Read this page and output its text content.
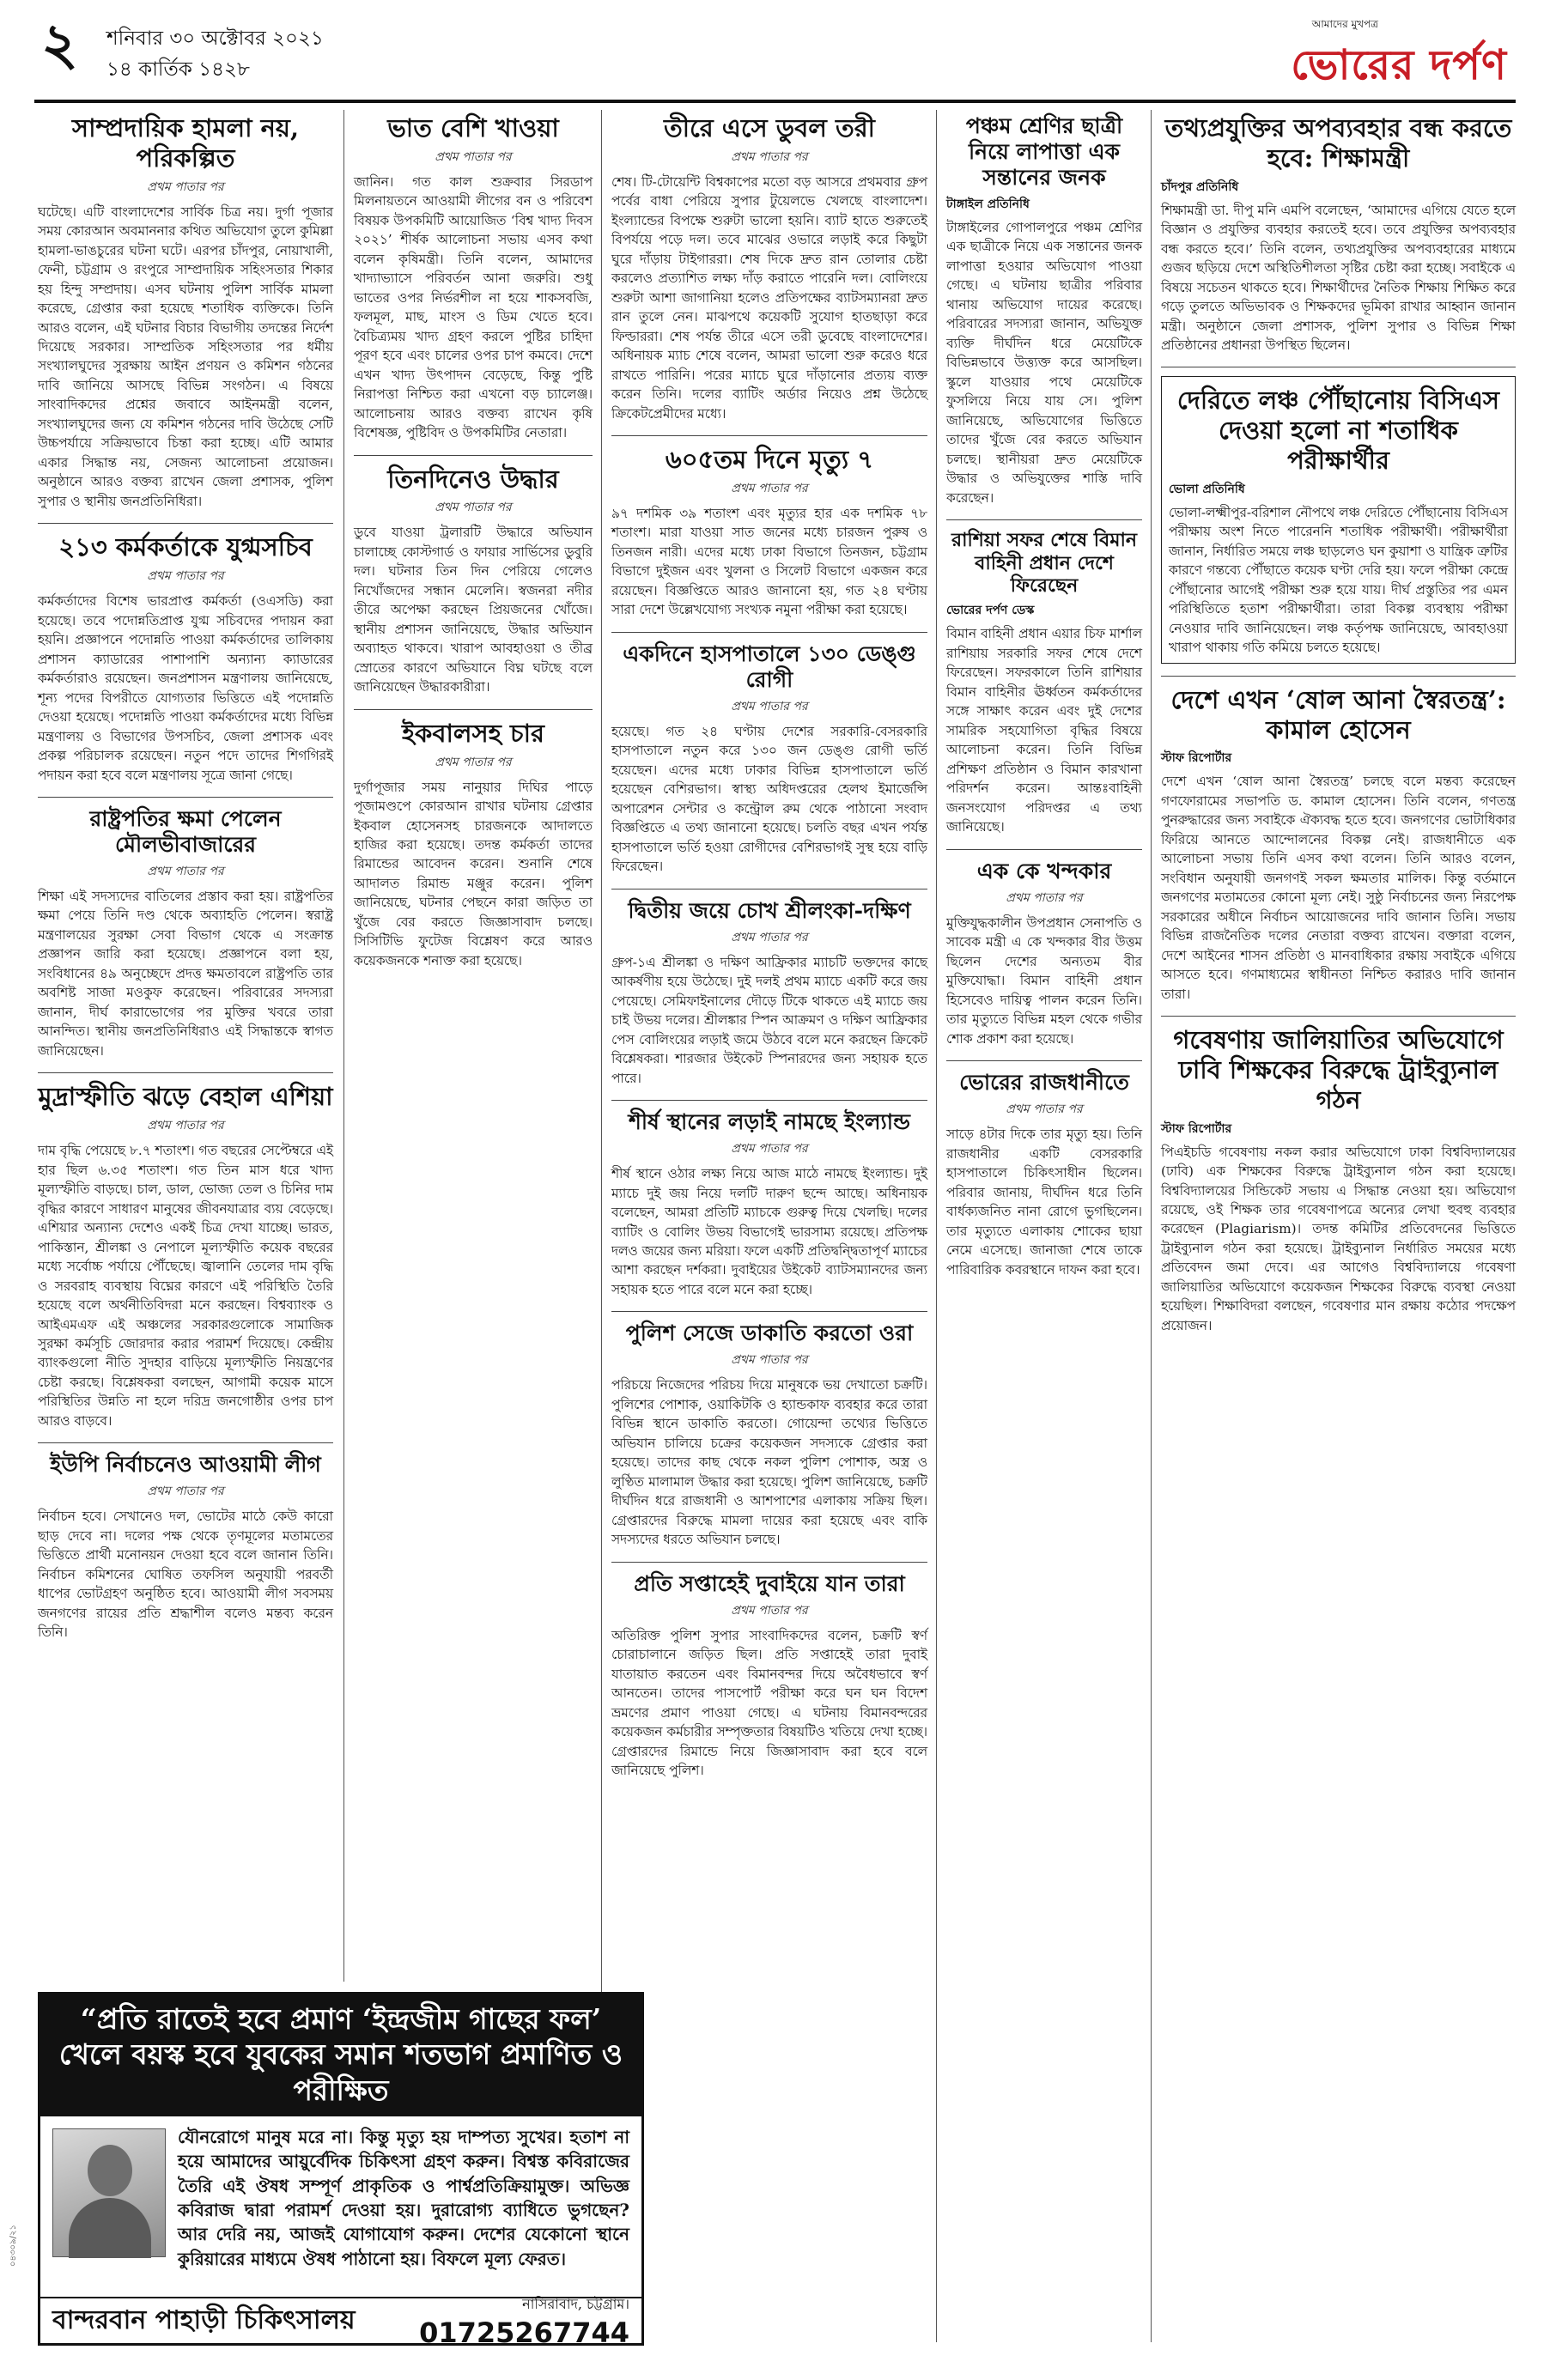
২ শনিবার ৩০ অক্টোবর ২০২১
১৪ কার্তিক ১৪২৮
আমাদের মুখপত্র
ভোরের দর্পণ
সাম্প্রদায়িক হামলা নয়, পরিকল্পিত
প্রথম পাতার পর
ঘটেছে। এটি বাংলাদেশের সার্বিক চিত্র নয়। দুর্গা পূজার সময় কোরআন অবমাননার কথিত অভিযোগ তুলে কুমিল্লা হামলা-ভাঙচুরের ঘটনা ঘটে। এরপর চাঁদপুর, নোয়াখালী, ফেনী, চট্টগ্রাম ও রংপুরে সাম্প্রদায়িক সহিংসতার শিকার হয় হিন্দু সম্প্রদায়। এসব ঘটনায় পুলিশ সার্বিক মামলা করেছে, গ্রেপ্তার করা হয়েছে শতাধিক ব্যক্তিকে। তিনি আরও বলেন, এই ঘটনার বিচার বিভাগীয় তদন্তের নির্দেশ দিয়েছে সরকার। সাম্প্রতিক সহিংসতার পর ধর্মীয় সংখ্যালঘুদের সুরক্ষায় আইন প্রণয়ন ও কমিশন গঠনের দাবি জানিয়ে আসছে বিভিন্ন সংগঠন। এ বিষয়ে সাংবাদিকদের প্রশ্নের জবাবে আইনমন্ত্রী বলেন, সংখ্যালঘুদের জন্য যে কমিশন গঠনের দাবি উঠেছে সেটি উচ্চপর্যায়ে সক্রিয়ভাবে চিন্তা করা হচ্ছে। এটি আমার একার সিদ্ধান্ত নয়, সেজন্য আলোচনা প্রয়োজন। অনুষ্ঠানে আরও বক্তব্য রাখেন জেলা প্রশাসক, পুলিশ সুপার ও স্থানীয় জনপ্রতিনিধিরা।
২১৩ কর্মকর্তাকে যুগ্মসচিব
প্রথম পাতার পর
কর্মকর্তাদের বিশেষ ভারপ্রাপ্ত কর্মকর্তা (ওএসডি) করা হয়েছে। তবে পদোন্নতিপ্রাপ্ত যুগ্ম সচিবদের পদায়ন করা হয়নি। প্রজ্ঞাপনে পদোন্নতি পাওয়া কর্মকর্তাদের তালিকায় প্রশাসন ক্যাডারের পাশাপাশি অন্যান্য ক্যাডারের কর্মকর্তারাও রয়েছেন। জনপ্রশাসন মন্ত্রণালয় জানিয়েছে, শূন্য পদের বিপরীতে যোগ্যতার ভিত্তিতে এই পদোন্নতি দেওয়া হয়েছে। পদোন্নতি পাওয়া কর্মকর্তাদের মধ্যে বিভিন্ন মন্ত্রণালয় ও বিভাগের উপসচিব, জেলা প্রশাসক এবং প্রকল্প পরিচালক রয়েছেন। নতুন পদে তাদের শিগগিরই পদায়ন করা হবে বলে মন্ত্রণালয় সূত্রে জানা গেছে।
রাষ্ট্রপতির ক্ষমা পেলেন মৌলভীবাজারের
প্রথম পাতার পর
শিক্ষা এই সদস্যদের বাতিলের প্রস্তাব করা হয়। রাষ্ট্রপতির ক্ষমা পেয়ে তিনি দণ্ড থেকে অব্যাহতি পেলেন। স্বরাষ্ট্র মন্ত্রণালয়ের সুরক্ষা সেবা বিভাগ থেকে এ সংক্রান্ত প্রজ্ঞাপন জারি করা হয়েছে। প্রজ্ঞাপনে বলা হয়, সংবিধানের ৪৯ অনুচ্ছেদে প্রদত্ত ক্ষমতাবলে রাষ্ট্রপতি তার অবশিষ্ট সাজা মওকুফ করেছেন। পরিবারের সদস্যরা জানান, দীর্ঘ কারাভোগের পর মুক্তির খবরে তারা আনন্দিত। স্থানীয় জনপ্রতিনিধিরাও এই সিদ্ধান্তকে স্বাগত জানিয়েছেন।
মুদ্রাস্ফীতি ঝড়ে বেহাল এশিয়া
প্রথম পাতার পর
দাম বৃদ্ধি পেয়েছে ৮.৭ শতাংশ। গত বছরের সেপ্টেম্বরে এই হার ছিল ৬.৩৫ শতাংশ। গত তিন মাস ধরে খাদ্য মূল্যস্ফীতি বাড়ছে। চাল, ডাল, ভোজ্য তেল ও চিনির দাম বৃদ্ধির কারণে সাধারণ মানুষের জীবনযাত্রার ব্যয় বেড়েছে। এশিয়ার অন্যান্য দেশেও একই চিত্র দেখা যাচ্ছে। ভারত, পাকিস্তান, শ্রীলঙ্কা ও নেপালে মূল্যস্ফীতি কয়েক বছরের মধ্যে সর্বোচ্চ পর্যায়ে পৌঁছেছে। জ্বালানি তেলের দাম বৃদ্ধি ও সরবরাহ ব্যবস্থায় বিঘ্নের কারণে এই পরিস্থিতি তৈরি হয়েছে বলে অর্থনীতিবিদরা মনে করছেন। বিশ্বব্যাংক ও আইএমএফ এই অঞ্চলের সরকারগুলোকে সামাজিক সুরক্ষা কর্মসূচি জোরদার করার পরামর্শ দিয়েছে। কেন্দ্রীয় ব্যাংকগুলো নীতি সুদহার বাড়িয়ে মূল্যস্ফীতি নিয়ন্ত্রণের চেষ্টা করছে। বিশ্লেষকরা বলছেন, আগামী কয়েক মাসে পরিস্থিতির উন্নতি না হলে দরিদ্র জনগোষ্ঠীর ওপর চাপ আরও বাড়বে।
ইউপি নির্বাচনেও আওয়ামী লীগ
প্রথম পাতার পর
নির্বাচন হবে। সেখানেও দল, ভোটের মাঠে কেউ কারো ছাড় দেবে না। দলের পক্ষ থেকে তৃণমূলের মতামতের ভিত্তিতে প্রার্থী মনোনয়ন দেওয়া হবে বলে জানান তিনি। নির্বাচন কমিশনের ঘোষিত তফসিল অনুযায়ী পরবর্তী ধাপের ভোটগ্রহণ অনুষ্ঠিত হবে। আওয়ামী লীগ সবসময় জনগণের রায়ের প্রতি শ্রদ্ধাশীল বলেও মন্তব্য করেন তিনি।
ভাত বেশি খাওয়া
প্রথম পাতার পর
জানিন। গত কাল শুক্রবার সিরডাপ মিলনায়তনে আওয়ামী লীগের বন ও পরিবেশ বিষয়ক উপকমিটি আয়োজিত ‘বিশ্ব খাদ্য দিবস ২০২১’ শীর্ষক আলোচনা সভায় এসব কথা বলেন কৃষিমন্ত্রী। তিনি বলেন, আমাদের খাদ্যাভ্যাসে পরিবর্তন আনা জরুরি। শুধু ভাতের ওপর নির্ভরশীল না হয়ে শাকসবজি, ফলমূল, মাছ, মাংস ও ডিম খেতে হবে। বৈচিত্র্যময় খাদ্য গ্রহণ করলে পুষ্টির চাহিদা পূরণ হবে এবং চালের ওপর চাপ কমবে। দেশে এখন খাদ্য উৎপাদন বেড়েছে, কিন্তু পুষ্টি নিরাপত্তা নিশ্চিত করা এখনো বড় চ্যালেঞ্জ। আলোচনায় আরও বক্তব্য রাখেন কৃষি বিশেষজ্ঞ, পুষ্টিবিদ ও উপকমিটির নেতারা।
তিনদিনেও উদ্ধার
প্রথম পাতার পর
ডুবে যাওয়া ট্রলারটি উদ্ধারে অভিযান চালাচ্ছে কোস্টগার্ড ও ফায়ার সার্ভিসের ডুবুরি দল। ঘটনার তিন দিন পেরিয়ে গেলেও নিখোঁজদের সন্ধান মেলেনি। স্বজনরা নদীর তীরে অপেক্ষা করছেন প্রিয়জনের খোঁজে। স্থানীয় প্রশাসন জানিয়েছে, উদ্ধার অভিযান অব্যাহত থাকবে। খারাপ আবহাওয়া ও তীব্র স্রোতের কারণে অভিযানে বিঘ্ন ঘটছে বলে জানিয়েছেন উদ্ধারকারীরা।
ইকবালসহ চার
প্রথম পাতার পর
দুর্গাপূজার সময় নানুয়ার দিঘির পাড়ে পূজামণ্ডপে কোরআন রাখার ঘটনায় গ্রেপ্তার ইকবাল হোসেনসহ চারজনকে আদালতে হাজির করা হয়েছে। তদন্ত কর্মকর্তা তাদের রিমান্ডের আবেদন করেন। শুনানি শেষে আদালত রিমান্ড মঞ্জুর করেন। পুলিশ জানিয়েছে, ঘটনার পেছনে কারা জড়িত তা খুঁজে বের করতে জিজ্ঞাসাবাদ চলছে। সিসিটিভি ফুটেজ বিশ্লেষণ করে আরও কয়েকজনকে শনাক্ত করা হয়েছে।
তীরে এসে ডুবল তরী
প্রথম পাতার পর
শেষ। টি-টোয়েন্টি বিশ্বকাপের মতো বড় আসরে প্রথমবার গ্রুপ পর্বের বাধা পেরিয়ে সুপার টুয়েলভে খেলছে বাংলাদেশ। ইংল্যান্ডের বিপক্ষে শুরুটা ভালো হয়নি। ব্যাট হাতে শুরুতেই বিপর্যয়ে পড়ে দল। তবে মাঝের ওভারে লড়াই করে কিছুটা ঘুরে দাঁড়ায় টাইগাররা। শেষ দিকে দ্রুত রান তোলার চেষ্টা করলেও প্রত্যাশিত লক্ষ্য দাঁড় করাতে পারেনি দল। বোলিংয়ে শুরুটা আশা জাগানিয়া হলেও প্রতিপক্ষের ব্যাটসম্যানরা দ্রুত রান তুলে নেন। মাঝপথে কয়েকটি সুযোগ হাতছাড়া করে ফিল্ডাররা। শেষ পর্যন্ত তীরে এসে তরী ডুবেছে বাংলাদেশের। অধিনায়ক ম্যাচ শেষে বলেন, আমরা ভালো শুরু করেও ধরে রাখতে পারিনি। পরের ম্যাচে ঘুরে দাঁড়ানোর প্রত্যয় ব্যক্ত করেন তিনি। দলের ব্যাটিং অর্ডার নিয়েও প্রশ্ন উঠেছে ক্রিকেটপ্রেমীদের মধ্যে।
৬০৫তম দিনে মৃত্যু ৭
প্রথম পাতার পর
৯৭ দশমিক ৩৯ শতাংশ এবং মৃত্যুর হার এক দশমিক ৭৮ শতাংশ। মারা যাওয়া সাত জনের মধ্যে চারজন পুরুষ ও তিনজন নারী। এদের মধ্যে ঢাকা বিভাগে তিনজন, চট্টগ্রাম বিভাগে দুইজন এবং খুলনা ও সিলেট বিভাগে একজন করে রয়েছেন। বিজ্ঞপ্তিতে আরও জানানো হয়, গত ২৪ ঘণ্টায় সারা দেশে উল্লেখযোগ্য সংখ্যক নমুনা পরীক্ষা করা হয়েছে।
একদিনে হাসপাতালে ১৩০ ডেঙ্গু রোগী
প্রথম পাতার পর
হয়েছে। গত ২৪ ঘণ্টায় দেশের সরকারি-বেসরকারি হাসপাতালে নতুন করে ১৩০ জন ডেঙ্গু রোগী ভর্তি হয়েছেন। এদের মধ্যে ঢাকার বিভিন্ন হাসপাতালে ভর্তি হয়েছেন বেশিরভাগ। স্বাস্থ্য অধিদপ্তরের হেলথ ইমার্জেন্সি অপারেশন সেন্টার ও কন্ট্রোল রুম থেকে পাঠানো সংবাদ বিজ্ঞপ্তিতে এ তথ্য জানানো হয়েছে। চলতি বছর এখন পর্যন্ত হাসপাতালে ভর্তি হওয়া রোগীদের বেশিরভাগই সুস্থ হয়ে বাড়ি ফিরেছেন।
দ্বিতীয় জয়ে চোখ শ্রীলংকা-দক্ষিণ
প্রথম পাতার পর
গ্রুপ-১এ শ্রীলঙ্কা ও দক্ষিণ আফ্রিকার ম্যাচটি ভক্তদের কাছে আকর্ষণীয় হয়ে উঠেছে। দুই দলই প্রথম ম্যাচে একটি করে জয় পেয়েছে। সেমিফাইনালের দৌড়ে টিকে থাকতে এই ম্যাচে জয় চাই উভয় দলের। শ্রীলঙ্কার স্পিন আক্রমণ ও দক্ষিণ আফ্রিকার পেস বোলিংয়ের লড়াই জমে উঠবে বলে মনে করছেন ক্রিকেট বিশ্লেষকরা। শারজার উইকেট স্পিনারদের জন্য সহায়ক হতে পারে।
শীর্ষ স্থানের লড়াই নামছে ইংল্যান্ড
প্রথম পাতার পর
শীর্ষ স্থানে ওঠার লক্ষ্য নিয়ে আজ মাঠে নামছে ইংল্যান্ড। দুই ম্যাচে দুই জয় নিয়ে দলটি দারুণ ছন্দে আছে। অধিনায়ক বলেছেন, আমরা প্রতিটি ম্যাচকে গুরুত্ব দিয়ে খেলছি। দলের ব্যাটিং ও বোলিং উভয় বিভাগেই ভারসাম্য রয়েছে। প্রতিপক্ষ দলও জয়ের জন্য মরিয়া। ফলে একটি প্রতিদ্বন্দ্বিতাপূর্ণ ম্যাচের আশা করছেন দর্শকরা। দুবাইয়ের উইকেট ব্যাটসম্যানদের জন্য সহায়ক হতে পারে বলে মনে করা হচ্ছে।
পুলিশ সেজে ডাকাতি করতো ওরা
প্রথম পাতার পর
পরিচয়ে নিজেদের পরিচয় দিয়ে মানুষকে ভয় দেখাতো চক্রটি। পুলিশের পোশাক, ওয়াকিটকি ও হ্যান্ডকাফ ব্যবহার করে তারা বিভিন্ন স্থানে ডাকাতি করতো। গোয়েন্দা তথ্যের ভিত্তিতে অভিযান চালিয়ে চক্রের কয়েকজন সদস্যকে গ্রেপ্তার করা হয়েছে। তাদের কাছ থেকে নকল পুলিশ পোশাক, অস্ত্র ও লুণ্ঠিত মালামাল উদ্ধার করা হয়েছে। পুলিশ জানিয়েছে, চক্রটি দীর্ঘদিন ধরে রাজধানী ও আশপাশের এলাকায় সক্রিয় ছিল। গ্রেপ্তারদের বিরুদ্ধে মামলা দায়ের করা হয়েছে এবং বাকি সদস্যদের ধরতে অভিযান চলছে।
প্রতি সপ্তাহেই দুবাইয়ে যান তারা
প্রথম পাতার পর
অতিরিক্ত পুলিশ সুপার সাংবাদিকদের বলেন, চক্রটি স্বর্ণ চোরাচালানে জড়িত ছিল। প্রতি সপ্তাহেই তারা দুবাই যাতায়াত করতেন এবং বিমানবন্দর দিয়ে অবৈধভাবে স্বর্ণ আনতেন। তাদের পাসপোর্ট পরীক্ষা করে ঘন ঘন বিদেশ ভ্রমণের প্রমাণ পাওয়া গেছে। এ ঘটনায় বিমানবন্দরের কয়েকজন কর্মচারীর সম্পৃক্ততার বিষয়টিও খতিয়ে দেখা হচ্ছে। গ্রেপ্তারদের রিমান্ডে নিয়ে জিজ্ঞাসাবাদ করা হবে বলে জানিয়েছে পুলিশ।
পঞ্চম শ্রেণির ছাত্রী নিয়ে লাপাত্তা এক সন্তানের জনক
টাঙ্গাইল প্রতিনিধি
টাঙ্গাইলের গোপালপুরে পঞ্চম শ্রেণির এক ছাত্রীকে নিয়ে এক সন্তানের জনক লাপাত্তা হওয়ার অভিযোগ পাওয়া গেছে। এ ঘটনায় ছাত্রীর পরিবার থানায় অভিযোগ দায়ের করেছে। পরিবারের সদস্যরা জানান, অভিযুক্ত ব্যক্তি দীর্ঘদিন ধরে মেয়েটিকে বিভিন্নভাবে উত্ত্যক্ত করে আসছিল। স্কুলে যাওয়ার পথে মেয়েটিকে ফুসলিয়ে নিয়ে যায় সে। পুলিশ জানিয়েছে, অভিযোগের ভিত্তিতে তাদের খুঁজে বের করতে অভিযান চলছে। স্থানীয়রা দ্রুত মেয়েটিকে উদ্ধার ও অভিযুক্তের শাস্তি দাবি করেছেন।
রাশিয়া সফর শেষে বিমান বাহিনী প্রধান দেশে ফিরেছেন
ভোরের দর্পণ ডেস্ক
বিমান বাহিনী প্রধান এয়ার চিফ মার্শাল রাশিয়ায় সরকারি সফর শেষে দেশে ফিরেছেন। সফরকালে তিনি রাশিয়ার বিমান বাহিনীর ঊর্ধ্বতন কর্মকর্তাদের সঙ্গে সাক্ষাৎ করেন এবং দুই দেশের সামরিক সহযোগিতা বৃদ্ধির বিষয়ে আলোচনা করেন। তিনি বিভিন্ন প্রশিক্ষণ প্রতিষ্ঠান ও বিমান কারখানা পরিদর্শন করেন। আন্তঃবাহিনী জনসংযোগ পরিদপ্তর এ তথ্য জানিয়েছে।
এক কে খন্দকার
প্রথম পাতার পর
মুক্তিযুদ্ধকালীন উপপ্রধান সেনাপতি ও সাবেক মন্ত্রী এ কে খন্দকার বীর উত্তম ছিলেন দেশের অন্যতম বীর মুক্তিযোদ্ধা। বিমান বাহিনী প্রধান হিসেবেও দায়িত্ব পালন করেন তিনি। তার মৃত্যুতে বিভিন্ন মহল থেকে গভীর শোক প্রকাশ করা হয়েছে।
ভোরের রাজধানীতে
প্রথম পাতার পর
সাড়ে ৪টার দিকে তার মৃত্যু হয়। তিনি রাজধানীর একটি বেসরকারি হাসপাতালে চিকিৎসাধীন ছিলেন। পরিবার জানায়, দীর্ঘদিন ধরে তিনি বার্ধক্যজনিত নানা রোগে ভুগছিলেন। তার মৃত্যুতে এলাকায় শোকের ছায়া নেমে এসেছে। জানাজা শেষে তাকে পারিবারিক কবরস্থানে দাফন করা হবে।
তথ্যপ্রযুক্তির অপব্যবহার বন্ধ করতে হবে: শিক্ষামন্ত্রী
চাঁদপুর প্রতিনিধি
শিক্ষামন্ত্রী ডা. দীপু মনি এমপি বলেছেন, ‘আমাদের এগিয়ে যেতে হলে বিজ্ঞান ও প্রযুক্তির ব্যবহার করতেই হবে। তবে প্রযুক্তির অপব্যবহার বন্ধ করতে হবে।’ তিনি বলেন, তথ্যপ্রযুক্তির অপব্যবহারের মাধ্যমে গুজব ছড়িয়ে দেশে অস্থিতিশীলতা সৃষ্টির চেষ্টা করা হচ্ছে। সবাইকে এ বিষয়ে সচেতন থাকতে হবে। শিক্ষার্থীদের নৈতিক শিক্ষায় শিক্ষিত করে গড়ে তুলতে অভিভাবক ও শিক্ষকদের ভূমিকা রাখার আহ্বান জানান মন্ত্রী। অনুষ্ঠানে জেলা প্রশাসক, পুলিশ সুপার ও বিভিন্ন শিক্ষা প্রতিষ্ঠানের প্রধানরা উপস্থিত ছিলেন।
দেরিতে লঞ্চ পৌঁছানোয় বিসিএস দেওয়া হলো না শতাধিক পরীক্ষার্থীর
ভোলা প্রতিনিধি
ভোলা-লক্ষ্মীপুর-বরিশাল নৌপথে লঞ্চ দেরিতে পৌঁছানোয় বিসিএস পরীক্ষায় অংশ নিতে পারেননি শতাধিক পরীক্ষার্থী। পরীক্ষার্থীরা জানান, নির্ধারিত সময়ে লঞ্চ ছাড়লেও ঘন কুয়াশা ও যান্ত্রিক ত্রুটির কারণে গন্তব্যে পৌঁছাতে কয়েক ঘণ্টা দেরি হয়। ফলে পরীক্ষা কেন্দ্রে পৌঁছানোর আগেই পরীক্ষা শুরু হয়ে যায়। দীর্ঘ প্রস্তুতির পর এমন পরিস্থিতিতে হতাশ পরীক্ষার্থীরা। তারা বিকল্প ব্যবস্থায় পরীক্ষা নেওয়ার দাবি জানিয়েছেন। লঞ্চ কর্তৃপক্ষ জানিয়েছে, আবহাওয়া খারাপ থাকায় গতি কমিয়ে চলতে হয়েছে।
দেশে এখন ‘ষোল আনা স্বৈরতন্ত্র’: কামাল হোসেন
স্টাফ রিপোর্টার
দেশে এখন ‘ষোল আনা স্বৈরতন্ত্র’ চলছে বলে মন্তব্য করেছেন গণফোরামের সভাপতি ড. কামাল হোসেন। তিনি বলেন, গণতন্ত্র পুনরুদ্ধারের জন্য সবাইকে ঐক্যবদ্ধ হতে হবে। জনগণের ভোটাধিকার ফিরিয়ে আনতে আন্দোলনের বিকল্প নেই। রাজধানীতে এক আলোচনা সভায় তিনি এসব কথা বলেন। তিনি আরও বলেন, সংবিধান অনুযায়ী জনগণই সকল ক্ষমতার মালিক। কিন্তু বর্তমানে জনগণের মতামতের কোনো মূল্য নেই। সুষ্ঠু নির্বাচনের জন্য নিরপেক্ষ সরকারের অধীনে নির্বাচন আয়োজনের দাবি জানান তিনি। সভায় বিভিন্ন রাজনৈতিক দলের নেতারা বক্তব্য রাখেন। বক্তারা বলেন, দেশে আইনের শাসন প্রতিষ্ঠা ও মানবাধিকার রক্ষায় সবাইকে এগিয়ে আসতে হবে। গণমাধ্যমের স্বাধীনতা নিশ্চিত করারও দাবি জানান তারা।
গবেষণায় জালিয়াতির অভিযোগে ঢাবি শিক্ষকের বিরুদ্ধে ট্রাইব্যুনাল গঠন
স্টাফ রিপোর্টার
পিএইচডি গবেষণায় নকল করার অভিযোগে ঢাকা বিশ্ববিদ্যালয়ের (ঢাবি) এক শিক্ষকের বিরুদ্ধে ট্রাইব্যুনাল গঠন করা হয়েছে। বিশ্ববিদ্যালয়ের সিন্ডিকেট সভায় এ সিদ্ধান্ত নেওয়া হয়। অভিযোগ রয়েছে, ওই শিক্ষক তার গবেষণাপত্রে অন্যের লেখা হুবহু ব্যবহার করেছেন (Plagiarism)। তদন্ত কমিটির প্রতিবেদনের ভিত্তিতে ট্রাইব্যুনাল গঠন করা হয়েছে। ট্রাইব্যুনাল নির্ধারিত সময়ের মধ্যে প্রতিবেদন জমা দেবে। এর আগেও বিশ্ববিদ্যালয়ে গবেষণা জালিয়াতির অভিযোগে কয়েকজন শিক্ষকের বিরুদ্ধে ব্যবস্থা নেওয়া হয়েছিল। শিক্ষাবিদরা বলছেন, গবেষণার মান রক্ষায় কঠোর পদক্ষেপ প্রয়োজন।
“প্রতি রাতেই হবে প্রমাণ ‘ইন্দ্রজীম গাছের ফল’ খেলে বয়স্ক হবে যুবকের সমান শতভাগ প্রমাণিত ও পরীক্ষিত
যৌনরোগে মানুষ মরে না। কিন্তু মৃত্যু হয় দাম্পত্য সুখের। হতাশ না হয়ে আমাদের আয়ুর্বেদিক চিকিৎসা গ্রহণ করুন। বিশ্বস্ত কবিরাজের তৈরি এই ঔষধ সম্পূর্ণ প্রাকৃতিক ও পার্শ্বপ্রতিক্রিয়ামুক্ত। অভিজ্ঞ কবিরাজ দ্বারা পরামর্শ দেওয়া হয়। দুরারোগ্য ব্যাধিতে ভুগছেন? আর দেরি নয়, আজই যোগাযোগ করুন। দেশের যেকোনো স্থানে কুরিয়ারের মাধ্যমে ঔষধ পাঠানো হয়। বিফলে মূল্য ফেরত।
বান্দরবান পাহাড়ী চিকিৎসালয়
নাসিরাবাদ, চট্টগ্রাম।
01725267744
০৪৩০৯/২১
